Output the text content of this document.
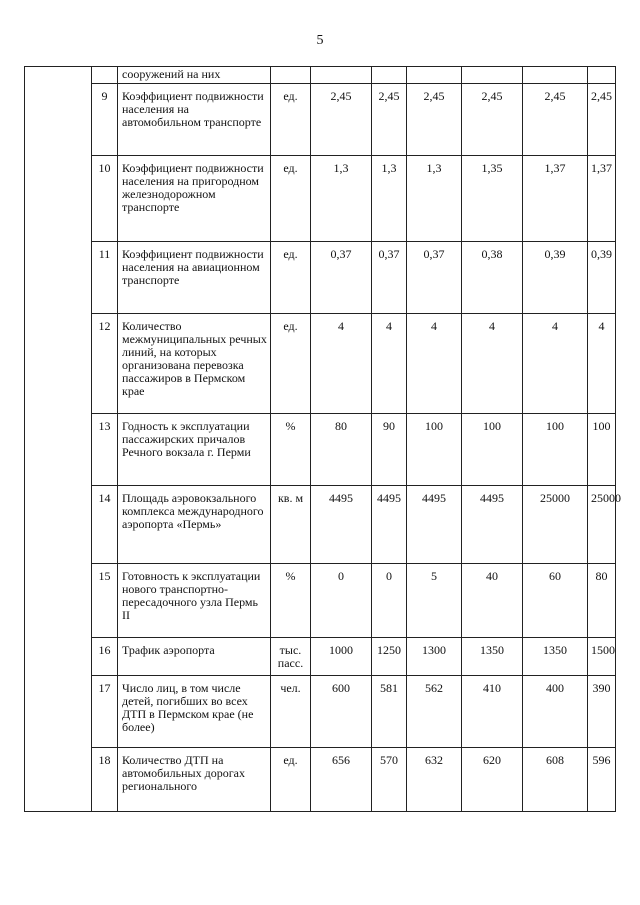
5
		сооружений на них							
	9	Коэффициент подвижности населения на автомобильном транспорте	ед.	2,45	2,45	2,45	2,45	2,45	2,45
	10	Коэффициент подвижности населения на пригородном железнодорожном транспорте	ед.	1,3	1,3	1,3	1,35	1,37	1,37
	11	Коэффициент подвижности населения на авиационном транспорте	ед.	0,37	0,37	0,37	0,38	0,39	0,39
	12	Количество межмуниципальных речных линий, на которых организована перевозка пассажиров в Пермском крае	ед.	4	4	4	4	4	4
	13	Годность к эксплуатации пассажирских причалов Речного вокзала г. Перми	%	80	90	100	100	100	100
	14	Площадь аэровокзального комплекса международного аэропорта «Пермь»	кв. м	4495	4495	4495	4495	25000	25000
	15	Готовность к эксплуатации нового транспортно-пересадочного узла Пермь II	%	0	0	5	40	60	80
	16	Трафик аэропорта	тыс. пасс.	1000	1250	1300	1350	1350	1500
	17	Число лиц, в том числе детей, погибших во всех ДТП в Пермском крае (не более)	чел.	600	581	562	410	400	390
	18	Количество ДТП на автомобильных дорогах регионального	ед.	656	570	632	620	608	596
